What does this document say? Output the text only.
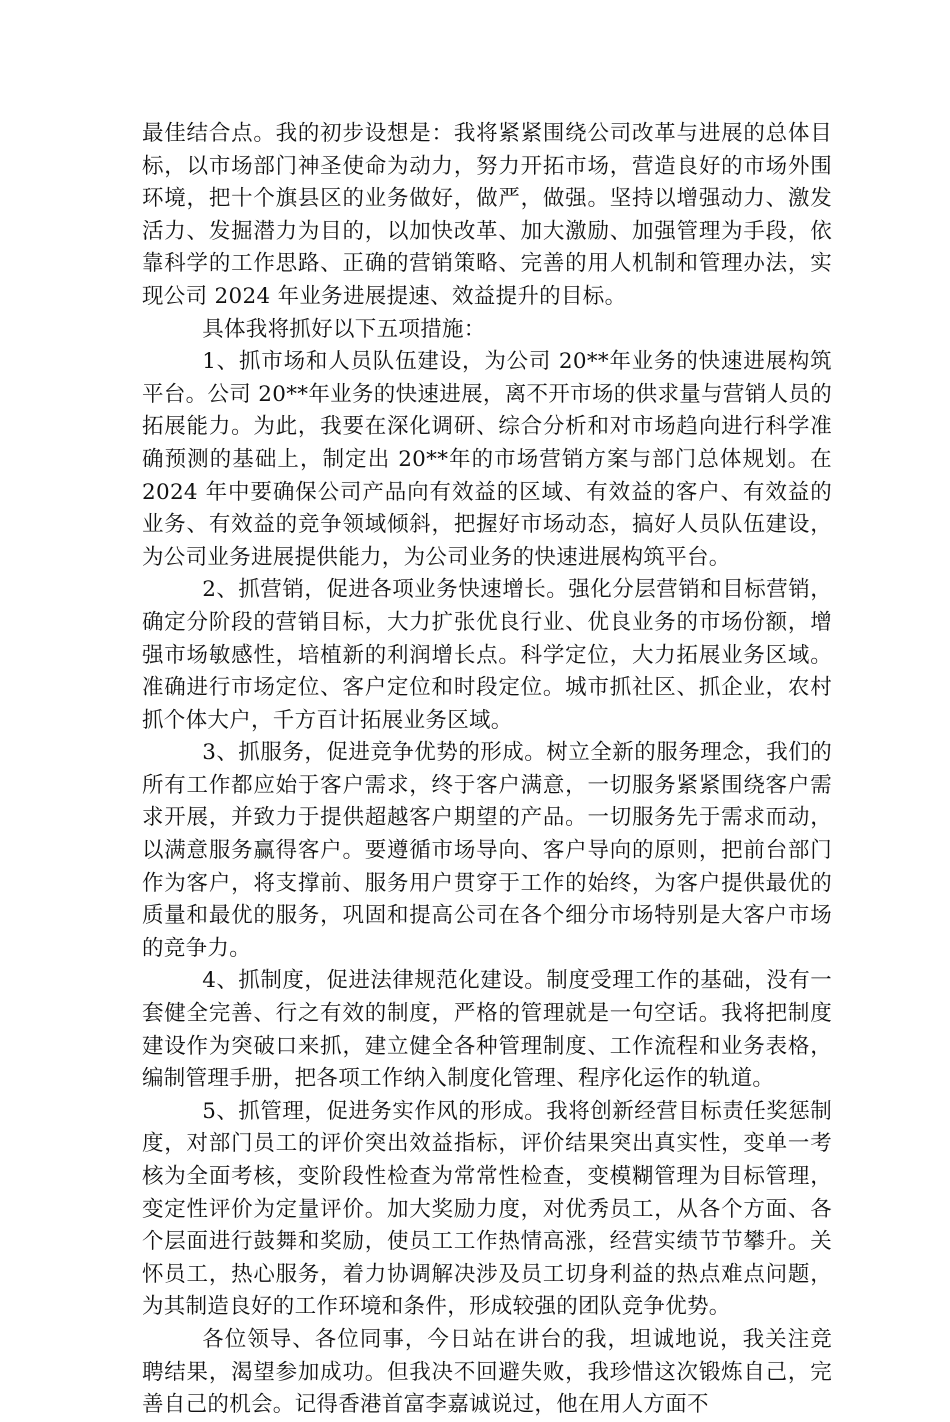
最佳结合点。我的初步设想是：我将紧紧围绕公司改革与进展的总体目标，以市场部门神圣使命为动力，努力开拓市场，营造良好的市场外围环境，把十个旗县区的业务做好，做严，做强。坚持以增强动力、激发活力、发掘潜力为目的，以加快改革、加大激励、加强管理为手段，依靠科学的工作思路、正确的营销策略、完善的用人机制和管理办法，实现公司 2024 年业务进展提速、效益提升的目标。

具体我将抓好以下五项措施：

1、抓市场和人员队伍建设，为公司 20**年业务的快速进展构筑平台。公司 20**年业务的快速进展，离不开市场的供求量与营销人员的拓展能力。为此，我要在深化调研、综合分析和对市场趋向进行科学准确预测的基础上，制定出 20**年的市场营销方案与部门总体规划。在 2024 年中要确保公司产品向有效益的区域、有效益的客户、有效益的业务、有效益的竞争领域倾斜，把握好市场动态，搞好人员队伍建设，为公司业务进展提供能力，为公司业务的快速进展构筑平台。

2、抓营销，促进各项业务快速增长。强化分层营销和目标营销，确定分阶段的营销目标，大力扩张优良行业、优良业务的市场份额，增强市场敏感性，培植新的利润增长点。科学定位，大力拓展业务区域。准确进行市场定位、客户定位和时段定位。城市抓社区、抓企业，农村抓个体大户，千方百计拓展业务区域。

3、抓服务，促进竞争优势的形成。树立全新的服务理念，我们的所有工作都应始于客户需求，终于客户满意，一切服务紧紧围绕客户需求开展，并致力于提供超越客户期望的产品。一切服务先于需求而动，以满意服务赢得客户。要遵循市场导向、客户导向的原则，把前台部门作为客户，将支撑前、服务用户贯穿于工作的始终，为客户提供最优的质量和最优的服务，巩固和提高公司在各个细分市场特别是大客户市场的竞争力。

4、抓制度，促进法律规范化建设。制度受理工作的基础，没有一套健全完善、行之有效的制度，严格的管理就是一句空话。我将把制度建设作为突破口来抓，建立健全各种管理制度、工作流程和业务表格，编制管理手册，把各项工作纳入制度化管理、程序化运作的轨道。

5、抓管理，促进务实作风的形成。我将创新经营目标责任奖惩制度，对部门员工的评价突出效益指标，评价结果突出真实性，变单一考核为全面考核，变阶段性检查为常常性检查，变模糊管理为目标管理，变定性评价为定量评价。加大奖励力度，对优秀员工，从各个方面、各个层面进行鼓舞和奖励，使员工工作热情高涨，经营实绩节节攀升。关怀员工，热心服务，着力协调解决涉及员工切身利益的热点难点问题，为其制造良好的工作环境和条件，形成较强的团队竞争优势。

各位领导、各位同事，今日站在讲台的我，坦诚地说，我关注竞聘结果，渴望参加成功。但我决不回避失败，我珍惜这次锻炼自己，完善自己的机会。记得香港首富李嘉诚说过，他在用人方面不
